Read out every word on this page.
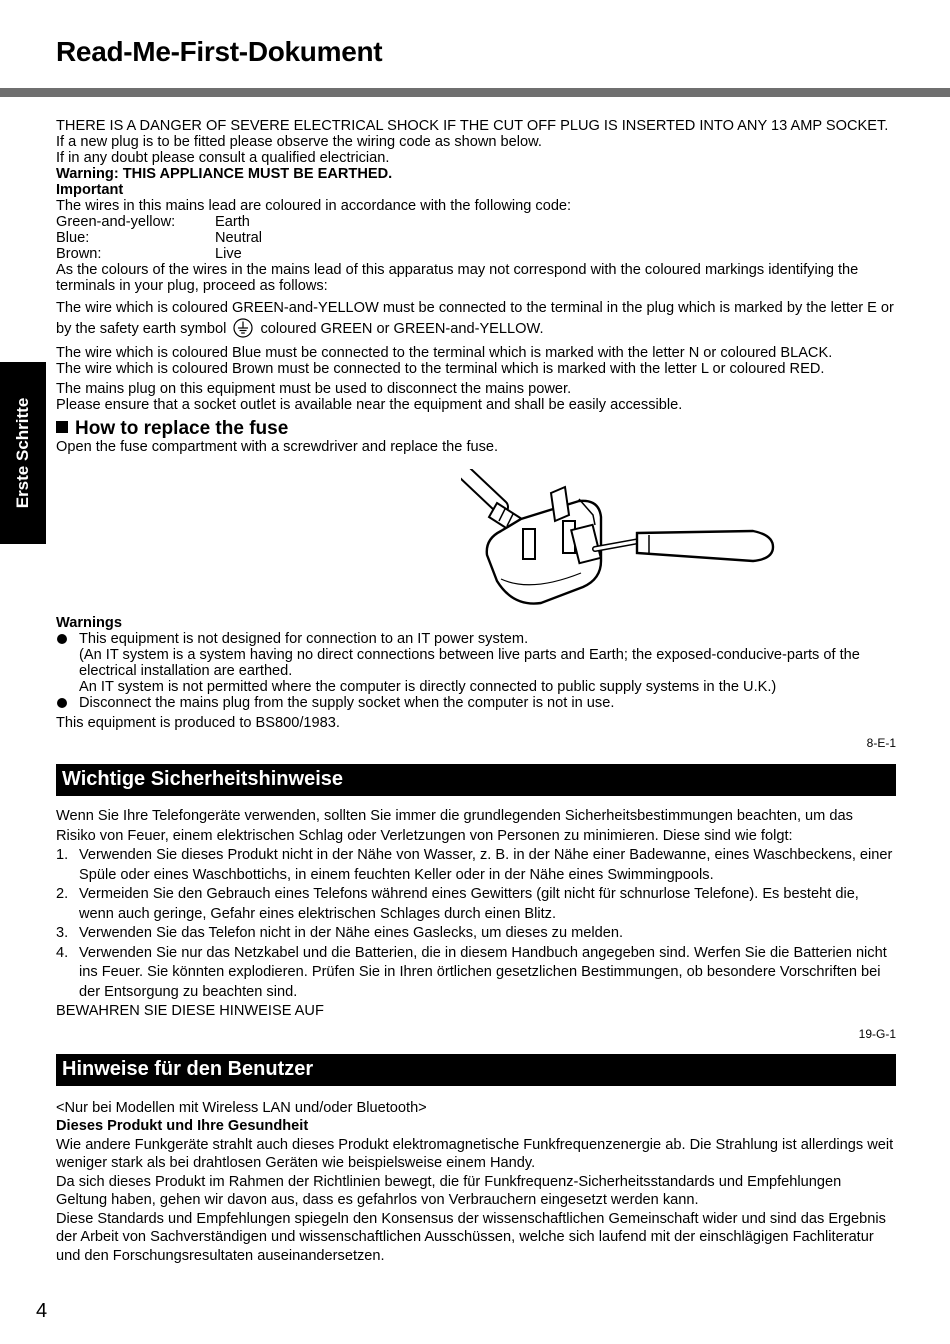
Read-Me-First-Dokument
Erste Schritte

THERE IS A DANGER OF SEVERE ELECTRICAL SHOCK IF THE CUT OFF PLUG IS INSERTED INTO ANY 13 AMP SOCKET.

If a new plug is to be fitted please observe the wiring code as shown below.

If in any doubt please consult a qualified electrician.

Warning: THIS APPLIANCE MUST BE EARTHED.

Important

The wires in this mains lead are coloured in accordance with the following code:

Green-and-yellow:	Earth
Blue:	Neutral
Brown:	Live

As the colours of the wires in the mains lead of this apparatus may not correspond with the coloured markings identifying the terminals in your plug, proceed as follows:

The wire which is coloured GREEN-and-YELLOW must be connected to the terminal in the plug which is marked by the letter E or by the safety earth symbol coloured GREEN or GREEN-and-YELLOW.

The wire which is coloured Blue must be connected to the terminal which is marked with the letter N or coloured BLACK.

The wire which is coloured Brown must be connected to the terminal which is marked with the letter L or coloured RED.

The mains plug on this equipment must be used to disconnect the mains power.

Please ensure that a socket outlet is available near the equipment and shall be easily accessible.

How to replace the fuse

Open the fuse compartment with a screwdriver and replace the fuse.

Warnings

This equipment is not designed for connection to an IT power system.

(An IT system is a system having no direct connections between live parts and Earth; the exposed-conducive-parts of the electrical installation are earthed.

An IT system is not permitted where the computer is directly connected to public supply systems in the U.K.)

Disconnect the mains plug from the supply socket when the computer is not in use.

This equipment is produced to BS800/1983.

8-E-1

Wichtige Sicherheitshinweise

Wenn Sie Ihre Telefongeräte verwenden, sollten Sie immer die grundlegenden Sicherheitsbestimmungen beachten, um das Risiko von Feuer, einem elektrischen Schlag oder Verletzungen von Personen zu minimieren. Diese sind wie folgt:

1. Verwenden Sie dieses Produkt nicht in der Nähe von Wasser, z. B. in der Nähe einer Badewanne, eines Waschbeckens, einer Spüle oder eines Waschbottichs, in einem feuchten Keller oder in der Nähe eines Swimmingpools.
2. Vermeiden Sie den Gebrauch eines Telefons während eines Gewitters (gilt nicht für schnurlose Telefone). Es besteht die, wenn auch geringe, Gefahr eines elektrischen Schlages durch einen Blitz.
3. Verwenden Sie das Telefon nicht in der Nähe eines Gaslecks, um dieses zu melden.
4. Verwenden Sie nur das Netzkabel und die Batterien, die in diesem Handbuch angegeben sind. Werfen Sie die Batterien nicht ins Feuer. Sie könnten explodieren. Prüfen Sie in Ihren örtlichen gesetzlichen Bestimmungen, ob besondere Vorschriften bei der Entsorgung zu beachten sind.

BEWAHREN SIE DIESE HINWEISE AUF

19-G-1

Hinweise für den Benutzer

<Nur bei Modellen mit Wireless LAN und/oder Bluetooth>

Dieses Produkt und Ihre Gesundheit

Wie andere Funkgeräte strahlt auch dieses Produkt elektromagnetische Funkfrequenzenergie ab. Die Strahlung ist allerdings weit weniger stark als bei drahtlosen Geräten wie beispielsweise einem Handy.

Da sich dieses Produkt im Rahmen der Richtlinien bewegt, die für Funkfrequenz-Sicherheitsstandards und Empfehlungen Geltung haben, gehen wir davon aus, dass es gefahrlos von Verbrauchern eingesetzt werden kann.

Diese Standards und Empfehlungen spiegeln den Konsensus der wissenschaftlichen Gemeinschaft wider und sind das Ergebnis der Arbeit von Sachverständigen und wissenschaftlichen Ausschüssen, welche sich laufend mit der einschlägigen Fachliteratur und den Forschungsresultaten auseinandersetzen.

4
